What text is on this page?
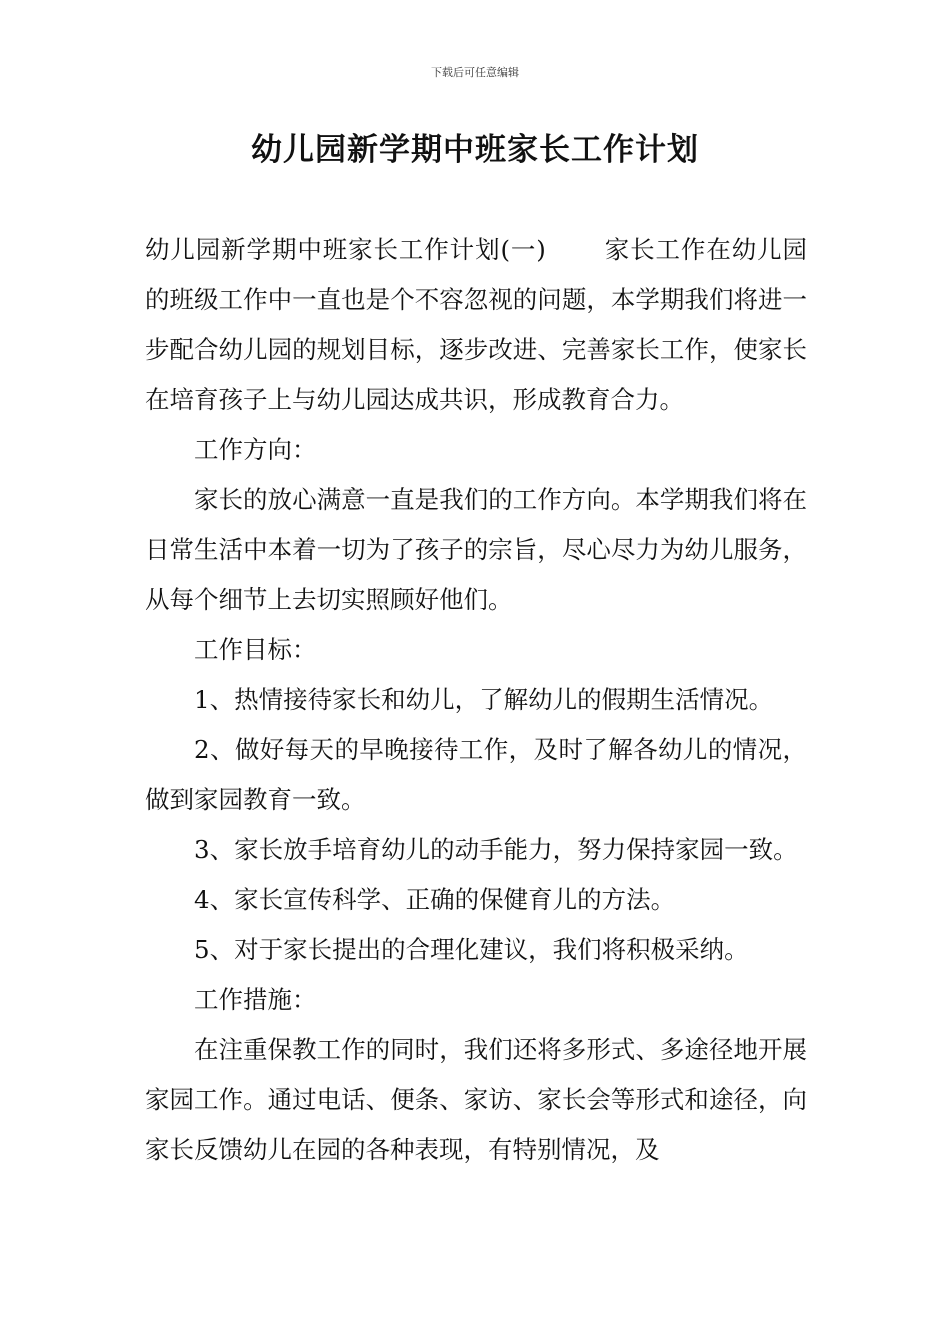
下载后可任意编辑
幼儿园新学期中班家长工作计划

幼儿园新学期中班家长工作计划(一) 家长工作在幼儿园的班级工作中一直也是个不容忽视的问题，本学期我们将进一步配合幼儿园的规划目标，逐步改进、完善家长工作，使家长在培育孩子上与幼儿园达成共识，形成教育合力。

工作方向：

家长的放心满意一直是我们的工作方向。本学期我们将在日常生活中本着一切为了孩子的宗旨，尽心尽力为幼儿服务，从每个细节上去切实照顾好他们。

工作目标：

1、热情接待家长和幼儿，了解幼儿的假期生活情况。

2、做好每天的早晚接待工作，及时了解各幼儿的情况，做到家园教育一致。

3、家长放手培育幼儿的动手能力，努力保持家园一致。

4、家长宣传科学、正确的保健育儿的方法。

5、对于家长提出的合理化建议，我们将积极采纳。

工作措施：

在注重保教工作的同时，我们还将多形式、多途径地开展家园工作。通过电话、便条、家访、家长会等形式和途径，向家长反馈幼儿在园的各种表现，有特别情况，及
